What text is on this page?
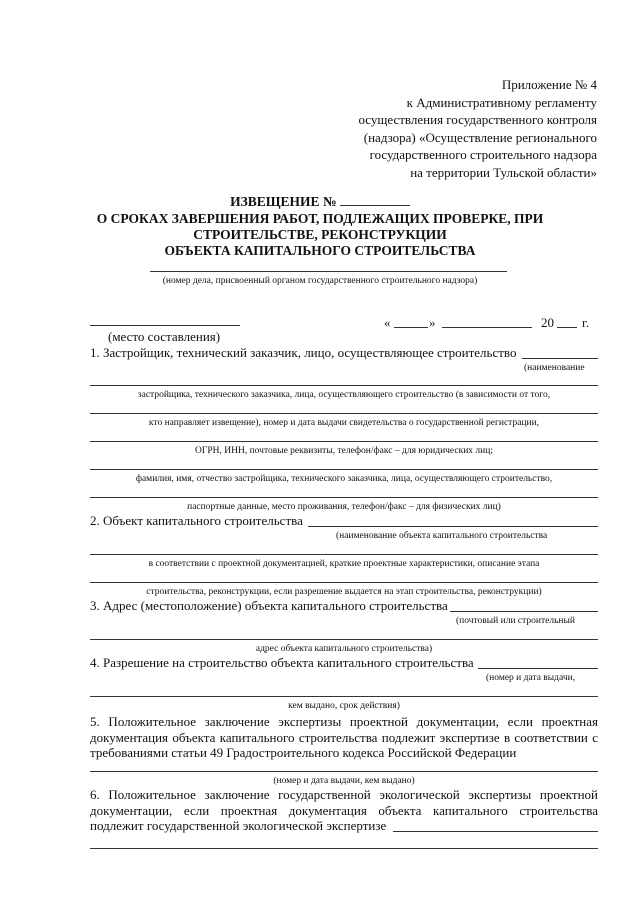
Приложение № 4
к Административному регламенту
осуществления государственного контроля
(надзора) «Осуществление регионального
государственного строительного надзора
на территории Тульской области»
ИЗВЕЩЕНИЕ №
О СРОКАХ ЗАВЕРШЕНИЯ РАБОТ, ПОДЛЕЖАЩИХ ПРОВЕРКЕ, ПРИ
СТРОИТЕЛЬСТВЕ, РЕКОНСТРУКЦИИ
ОБЪЕКТА КАПИТАЛЬНОГО СТРОИТЕЛЬСТВА
(номер дела, присвоенный органом государственного строительного надзора)
«	»	20 г.
(место составления)
1. Застройщик, технический заказчик, лицо, осуществляющее строительство
(наименование
застройщика, технического заказчика, лица, осуществляющего строительство (в зависимости от того,
кто направляет извещение), номер и дата выдачи свидетельства о государственной регистрации,
ОГРН, ИНН, почтовые реквизиты, телефон/факс – для юридических лиц;
фамилия, имя, отчество застройщика, технического заказчика, лица, осуществляющего строительство,
паспортные данные, место проживания, телефон/факс – для физических лиц)
2. Объект капитального строительства
(наименование объекта капитального строительства
в соответствии с проектной документацией, краткие проектные характеристики, описание этапа
строительства, реконструкции, если разрешение выдается на этап строительства, реконструкции)
3. Адрес (местоположение) объекта капитального строительства
(почтовый или строительный
адрес объекта капитального строительства)
4. Разрешение на строительство объекта капитального строительства
(номер и дата выдачи,
кем выдано, срок действия)
5. Положительное заключение экспертизы проектной документации, если проектная
документация объекта капитального строительства подлежит экспертизе в соответствии с
требованиями статьи 49 Градостроительного кодекса Российской Федерации
(номер и дата выдачи, кем выдано)
6. Положительное заключение государственной экологической экспертизы проектной
документации, если проектная документация объекта капитального строительства
подлежит государственной экологической экспертизе
